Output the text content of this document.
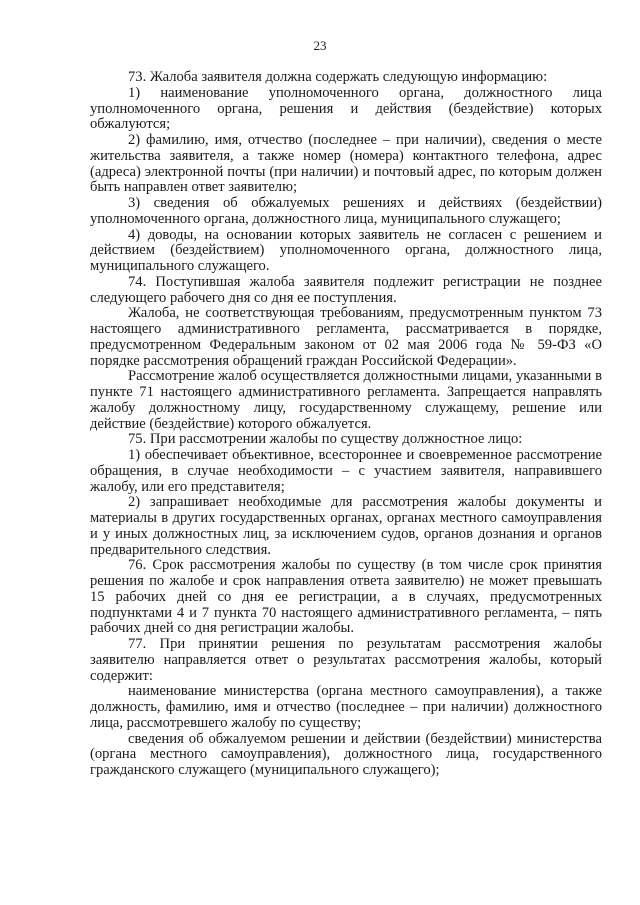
23

73. Жалоба заявителя должна содержать следующую информацию:

1) наименование уполномоченного органа, должностного лица уполномоченного органа, решения и действия (бездействие) которых обжалуются;

2) фамилию, имя, отчество (последнее – при наличии), сведения о месте жительства заявителя, а также номер (номера) контактного телефона, адрес (адреса) электронной почты (при наличии) и почтовый адрес, по которым должен быть направлен ответ заявителю;

3) сведения об обжалуемых решениях и действиях (бездействии) уполномоченного органа, должностного лица, муниципального служащего;

4) доводы, на основании которых заявитель не согласен с решением и действием (бездействием) уполномоченного органа, должностного лица, муниципального служащего.

74. Поступившая жалоба заявителя подлежит регистрации не позднее следующего рабочего дня со дня ее поступления.

Жалоба, не соответствующая требованиям, предусмотренным пунктом 73 настоящего административного регламента, рассматривается в порядке, предусмотренном Федеральным законом от 02 мая 2006 года № 59-ФЗ «О порядке рассмотрения обращений граждан Российской Федерации».

Рассмотрение жалоб осуществляется должностными лицами, указанными в пункте 71 настоящего административного регламента. Запрещается направлять жалобу должностному лицу, государственному служащему, решение или действие (бездействие) которого обжалуется.

75. При рассмотрении жалобы по существу должностное лицо:

1) обеспечивает объективное, всестороннее и своевременное рассмотрение обращения, в случае необходимости – с участием заявителя, направившего жалобу, или его представителя;

2) запрашивает необходимые для рассмотрения жалобы документы и материалы в других государственных органах, органах местного самоуправления и у иных должностных лиц, за исключением судов, органов дознания и органов предварительного следствия.

76. Срок рассмотрения жалобы по существу (в том числе срок принятия решения по жалобе и срок направления ответа заявителю) не может превышать 15 рабочих дней со дня ее регистрации, а в случаях, предусмотренных подпунктами 4 и 7 пункта 70 настоящего административного регламента, – пять рабочих дней со дня регистрации жалобы.

77. При принятии решения по результатам рассмотрения жалобы заявителю направляется ответ о результатах рассмотрения жалобы, который содержит:

наименование министерства (органа местного самоуправления), а также должность, фамилию, имя и отчество (последнее – при наличии) должностного лица, рассмотревшего жалобу по существу;

сведения об обжалуемом решении и действии (бездействии) министерства (органа местного самоуправления), должностного лица, государственного гражданского служащего (муниципального служащего);
